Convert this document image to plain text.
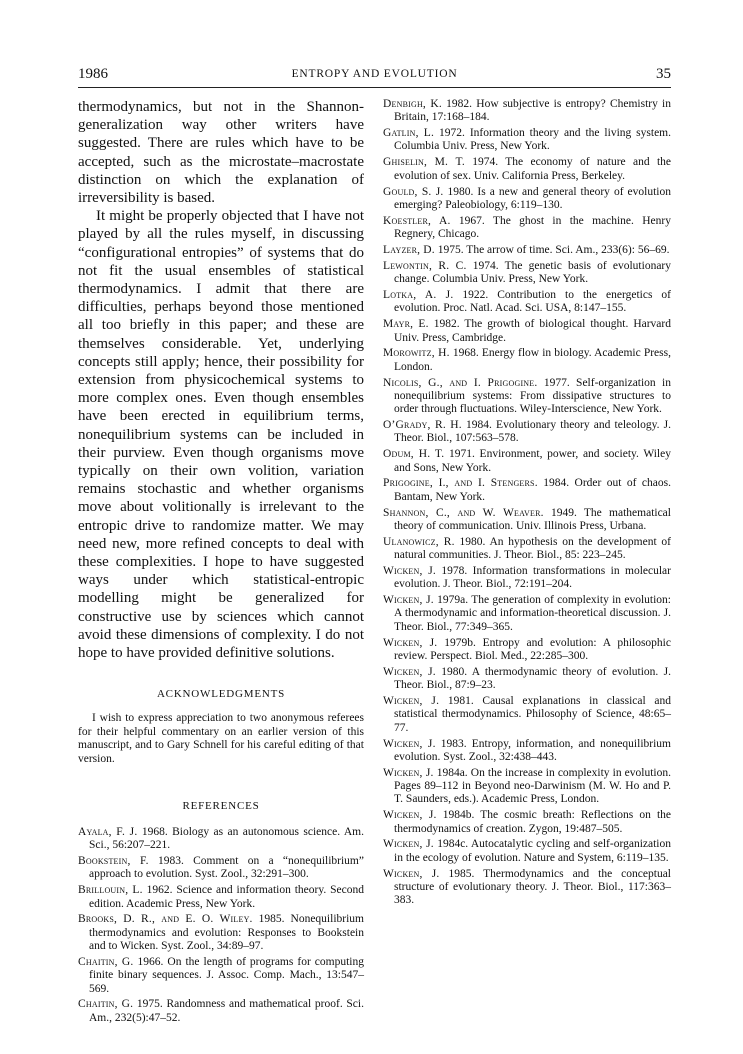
1986	ENTROPY AND EVOLUTION	35

thermodynamics, but not in the Shannon-generalization way other writers have suggested. There are rules which have to be accepted, such as the microstate–macrostate distinction on which the explanation of irreversibility is based.

It might be properly objected that I have not played by all the rules myself, in discussing “configurational entropies” of systems that do not fit the usual ensembles of statistical thermodynamics. I admit that there are difficulties, perhaps beyond those mentioned all too briefly in this paper; and these are themselves considerable. Yet, underlying concepts still apply; hence, their possibility for extension from physicochemical systems to more complex ones. Even though ensembles have been erected in equilibrium terms, nonequilibrium systems can be included in their purview. Even though organisms move typically on their own volition, variation remains stochastic and whether organisms move about volitionally is irrelevant to the entropic drive to randomize matter. We may need new, more refined concepts to deal with these complexities. I hope to have suggested ways under which statistical-entropic modelling might be generalized for constructive use by sciences which cannot avoid these dimensions of complexity. I do not hope to have provided definitive solutions.

ACKNOWLEDGMENTS

I wish to express appreciation to two anonymous referees for their helpful commentary on an earlier version of this manuscript, and to Gary Schnell for his careful editing of that version.

REFERENCES

Ayala, F. J. 1968. Biology as an autonomous science. Am. Sci., 56:207–221.

Bookstein, F. 1983. Comment on a “nonequilibrium” approach to evolution. Syst. Zool., 32:291–300.

Brillouin, L. 1962. Science and information theory. Second edition. Academic Press, New York.

Brooks, D. R., and E. O. Wiley. 1985. Nonequilibrium thermodynamics and evolution: Responses to Bookstein and to Wicken. Syst. Zool., 34:89–97.

Chaitin, G. 1966. On the length of programs for computing finite binary sequences. J. Assoc. Comp. Mach., 13:547–569.

Chaitin, G. 1975. Randomness and mathematical proof. Sci. Am., 232(5):47–52.

Denbigh, K. 1982. How subjective is entropy? Chemistry in Britain, 17:168–184.

Gatlin, L. 1972. Information theory and the living system. Columbia Univ. Press, New York.

Ghiselin, M. T. 1974. The economy of nature and the evolution of sex. Univ. California Press, Berkeley.

Gould, S. J. 1980. Is a new and general theory of evolution emerging? Paleobiology, 6:119–130.

Koestler, A. 1967. The ghost in the machine. Henry Regnery, Chicago.

Layzer, D. 1975. The arrow of time. Sci. Am., 233(6): 56–69.

Lewontin, R. C. 1974. The genetic basis of evolutionary change. Columbia Univ. Press, New York.

Lotka, A. J. 1922. Contribution to the energetics of evolution. Proc. Natl. Acad. Sci. USA, 8:147–155.

Mayr, E. 1982. The growth of biological thought. Harvard Univ. Press, Cambridge.

Morowitz, H. 1968. Energy flow in biology. Academic Press, London.

Nicolis, G., and I. Prigogine. 1977. Self-organization in nonequilibrium systems: From dissipative structures to order through fluctuations. Wiley-Interscience, New York.

O’Grady, R. H. 1984. Evolutionary theory and teleology. J. Theor. Biol., 107:563–578.

Odum, H. T. 1971. Environment, power, and society. Wiley and Sons, New York.

Prigogine, I., and I. Stengers. 1984. Order out of chaos. Bantam, New York.

Shannon, C., and W. Weaver. 1949. The mathematical theory of communication. Univ. Illinois Press, Urbana.

Ulanowicz, R. 1980. An hypothesis on the development of natural communities. J. Theor. Biol., 85: 223–245.

Wicken, J. 1978. Information transformations in molecular evolution. J. Theor. Biol., 72:191–204.

Wicken, J. 1979a. The generation of complexity in evolution: A thermodynamic and information-theoretical discussion. J. Theor. Biol., 77:349–365.

Wicken, J. 1979b. Entropy and evolution: A philosophic review. Perspect. Biol. Med., 22:285–300.

Wicken, J. 1980. A thermodynamic theory of evolution. J. Theor. Biol., 87:9–23.

Wicken, J. 1981. Causal explanations in classical and statistical thermodynamics. Philosophy of Science, 48:65–77.

Wicken, J. 1983. Entropy, information, and nonequilibrium evolution. Syst. Zool., 32:438–443.

Wicken, J. 1984a. On the increase in complexity in evolution. Pages 89–112 in Beyond neo-Darwinism (M. W. Ho and P. T. Saunders, eds.). Academic Press, London.

Wicken, J. 1984b. The cosmic breath: Reflections on the thermodynamics of creation. Zygon, 19:487–505.

Wicken, J. 1984c. Autocatalytic cycling and self-organization in the ecology of evolution. Nature and System, 6:119–135.

Wicken, J. 1985. Thermodynamics and the conceptual structure of evolutionary theory. J. Theor. Biol., 117:363–383.
